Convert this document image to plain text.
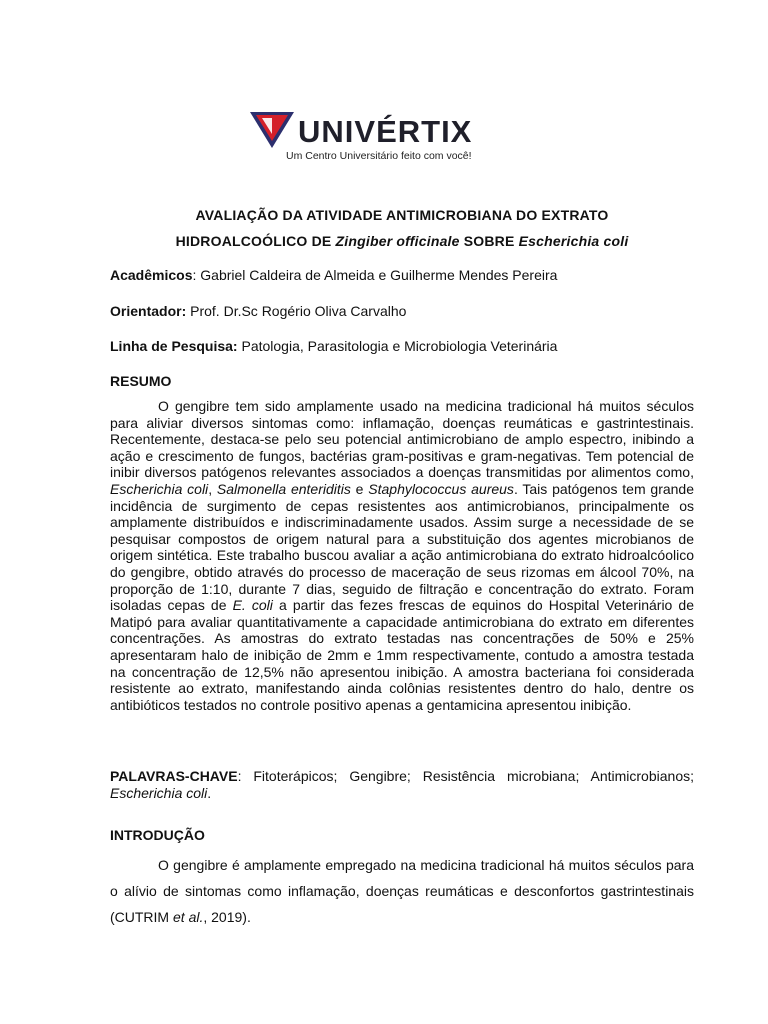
UNIVÉRTIX
Um Centro Universitário feito com você!
AVALIAÇÃO DA ATIVIDADE ANTIMICROBIANA DO EXTRATO
HIDROALCOÓLICO DE Zingiber officinale SOBRE Escherichia coli
Acadêmicos: Gabriel Caldeira de Almeida e Guilherme Mendes Pereira
Orientador: Prof. Dr.Sc Rogério Oliva Carvalho
Linha de Pesquisa: Patologia, Parasitologia e Microbiologia Veterinária
RESUMO
O gengibre tem sido amplamente usado na medicina tradicional há muitos séculos para aliviar diversos sintomas como: inflamação, doenças reumáticas e gastrintestinais. Recentemente, destaca-se pelo seu potencial antimicrobiano de amplo espectro, inibindo a ação e crescimento de fungos, bactérias gram-positivas e gram-negativas. Tem potencial de inibir diversos patógenos relevantes associados a doenças transmitidas por alimentos como, Escherichia coli, Salmonella enteriditis e Staphylococcus aureus. Tais patógenos tem grande incidência de surgimento de cepas resistentes aos antimicrobianos, principalmente os amplamente distribuídos e indiscriminadamente usados. Assim surge a necessidade de se pesquisar compostos de origem natural para a substituição dos agentes microbianos de origem sintética. Este trabalho buscou avaliar a ação antimicrobiana do extrato hidroalcóolico do gengibre, obtido através do processo de maceração de seus rizomas em álcool 70%, na proporção de 1:10, durante 7 dias, seguido de filtração e concentração do extrato. Foram isoladas cepas de E. coli a partir das fezes frescas de equinos do Hospital Veterinário de Matipó para avaliar quantitativamente a capacidade antimicrobiana do extrato em diferentes concentrações. As amostras do extrato testadas nas concentrações de 50% e 25% apresentaram halo de inibição de 2mm e 1mm respectivamente, contudo a amostra testada na concentração de 12,5% não apresentou inibição. A amostra bacteriana foi considerada resistente ao extrato, manifestando ainda colônias resistentes dentro do halo, dentre os antibióticos testados no controle positivo apenas a gentamicina apresentou inibição.
PALAVRAS-CHAVE: Fitoterápicos; Gengibre; Resistência microbiana; Antimicrobianos; Escherichia coli.
INTRODUÇÃO
O gengibre é amplamente empregado na medicina tradicional há muitos séculos para o alívio de sintomas como inflamação, doenças reumáticas e desconfortos gastrintestinais (CUTRIM et al., 2019).
